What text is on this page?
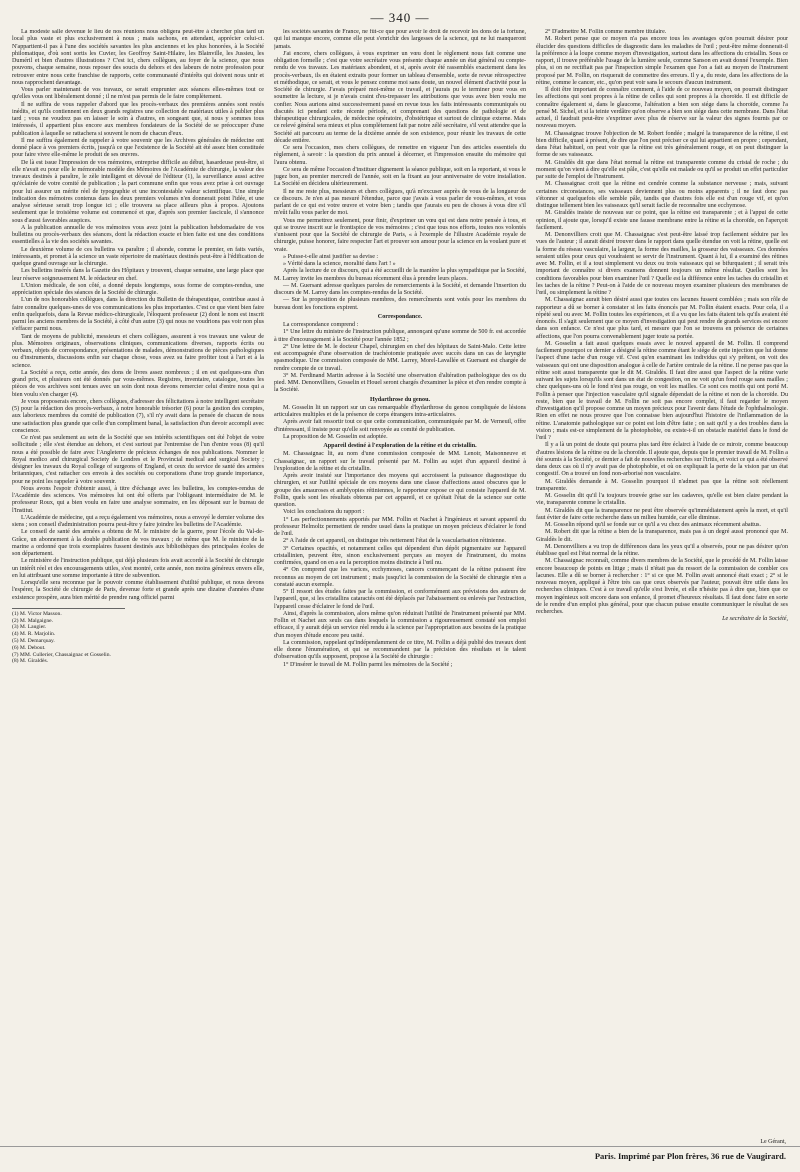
— 340 —

La modeste salle devenue le lieu de nos réunions nous obligera peut-être à chercher plus tard un local plus vaste et plus exclusivement à nous ; mais sachons, en attendant, apprécier celui-ci. N'appartient-il pas à l'une des sociétés savantes les plus anciennes et les plus honorées, à la Société philomatique, d'où sont sortis les Cuvier, les Geoffroy Saint-Hilaire, les Blainville, les Jussieu, les Duméril et bien d'autres illustrations ? C'est ici, chers collègues, au foyer de la science, que nous pouvons, chaque semaine, nous reposer des soucis du dehors et des labeurs de notre profession pour retrouver entre nous cette franchise de rapports, cette communauté d'intérêts qui doivent nous unir et nous rapprochent davantage.

Vous parler maintenant de vos travaux, ce serait emprunter aux séances elles-mêmes tout ce qu'elles vous ont libéralement donné ; il ne m'est pas permis de le faire complètement.

Il ne suffira de vous rappeler d'abord que les procès-verbaux des premières années sont restés inédits, et qu'ils contiennent en deux grands registres une collection de matériaux utiles à publier plus tard ; vous ne voudrez pas en laisser le soin à d'autres, en songeant que, si nous y sommes tous intéressés, il appartient plus encore aux membres fondateurs de la Société de se préoccuper d'une publication à laquelle se rattachera si souvent le nom de chacun d'eux.

Il me suffira également de rappeler à votre souvenir que les Archives générales de médecine ont donné place à vos premiers écrits, jusqu'à ce que l'existence de la Société ait été assez bien constituée pour faire vivre elle-même le produit de ses œuvres.

De là est issue l'impression de vos mémoires, entreprise difficile au début, hasardeuse peut-être, si elle n'avait eu pour elle le mémorable modèle des Mémoires de l'Académie de chirurgie, la valeur des travaux destinés à paraître, le zèle intelligent et dévoué de l'éditeur (1), la surveillance aussi active qu'éclairée de votre comité de publication ; la part commune enfin que vous avez prise à cet ouvrage pour lui assurer un mérite réel de typographie et une incontestable valeur scientifique. Une simple indication des mémoires contenus dans les deux premiers volumes n'en donnerait point l'idée, et une analyse sérieuse serait trop longue ici ; elle trouvera sa place ailleurs plus à propos. Ajoutons seulement que le troisième volume est commencé et que, d'après son premier fascicule, il s'annonce sous d'aussi favorables auspices.

A la publication annuelle de vos mémoires vous avez joint la publication hebdomadaire de vos bulletins ou procès-verbaux des séances, dont la rédaction exacte et bien faite est une des conditions essentielles à la vie des sociétés savantes.

Le deuxième volume de ces bulletins va paraître ; il abonde, comme le premier, en faits variés, intéressants, et promet à la science un vaste répertoire de matériaux destinés peut-être à l'édification de quelque grand ouvrage sur la chirurgie.

Les bulletins insérés dans la Gazette des Hôpitaux y trouvent, chaque semaine, une large place que leur réserve soigneusement M. le rédacteur en chef.

L'Union médicale, de son côté, a donné depuis longtemps, sous forme de comptes-rendus, une appréciation spéciale des séances de la Société de chirurgie.

L'un de nos honorables collègues, dans la direction du Bulletin de thérapeutique, contribue aussi à faire connaître quelques-unes de vos communications les plus importantes. C'est ce que vient bien faire enfin quelquefois, dans la Revue médico-chirurgicale, l'éloquent professeur (2) dont le nom est inscrit parmi les anciens membres de la Société, à côté d'un autre (3) qui nous ne voudrions pas voir non plus s'effacer parmi nous.

Tant de moyens de publicité, messieurs et chers collègues, assurent à vos travaux une valeur de plus. Mémoires originaux, observations cliniques, communications diverses, rapports écrits ou verbaux, objets de correspondance, présentations de malades, démonstrations de pièces pathologiques ou d'instruments, discussions enfin sur chaque chose, vous avez su faire profiter tout à l'art et à la science.

La Société a reçu, cette année, des dons de livres assez nombreux ; il en est quelques-uns d'un grand prix, et plusieurs ont été donnés par vous-mêmes. Registres, inventaire, catalogue, toutes les pièces de vos archives sont tenues avec un soin dont nous devons remercier celui d'entre nous qui a bien voulu s'en charger (4).

Je vous proposerais encore, chers collègues, d'adresser des félicitations à notre intelligent secrétaire (5) pour la rédaction des procès-verbaux, à notre honorable trésorier (6) pour la gestion des comptes, aux laborieux membres du comité de publication (7), s'il n'y avait dans la pensée de chacun de nous une satisfaction plus grande que celle d'un compliment banal, la satisfaction d'un devoir accompli avec conscience.

Ce n'est pas seulement au sein de la Société que ses intérêts scientifiques ont été l'objet de votre sollicitude ; elle s'est étendue au dehors, et c'est surtout par l'entremise de l'un d'entre vous (8) qu'il nous a été possible de faire avec l'Angleterre de précieux échanges de nos publications. Nommer le Royal medico and chirurgical Society de Londres et le Provincial medical and surgical Society ; désigner les travaux du Royal college of surgeons of England, et ceux du service de santé des armées britanniques, c'est rattacher ces envois à des sociétés ou corporations d'une trop grande importance, pour ne point les rappeler à votre souvenir.

Nous avons l'espoir d'obtenir aussi, à titre d'échange avec les bulletins, les comptes-rendus de l'Académie des sciences. Vos mémoires lui ont été offerts par l'obligeant intermédiaire de M. le professeur Roux, qui a bien voulu en faire une analyse sommaire, en les déposant sur le bureau de l'Institut.

L'Académie de médecine, qui a reçu également vos mémoires, nous a envoyé le dernier volume des siens ; son conseil d'administration pourra peut-être y faire joindre les bulletins de l'Académie.

Le conseil de santé des armées a obtenu de M. le ministre de la guerre, pour l'école du Val-de-Grâce, un abonnement à la double publication de vos travaux ; de même que M. le ministre de la marine a ordonné que trois exemplaires fussent destinés aux bibliothèques des principales écoles de son département.

Le ministère de l'instruction publique, qui déjà plusieurs fois avait accordé à la Société de chirurgie un intérêt réel et des encouragements utiles, s'est montré, cette année, non moins généreux envers elle, en lui attribuant une somme importante à titre de subvention.

Lorsqu'elle sera reconnue par le pouvoir comme établissement d'utilité publique, et nous devons l'espérer, la Société de chirurgie de Paris, devenue forte et grande après une dizaine d'années d'une existence prospère, aura bien mérité de prendre rang officiel parmi

(1) M. Victor Masson.
(2) M. Malgaigne.
(3) M. Laugier.
(4) M. R. Marjolin.
(5) M. Demarquay.
(6) M. Debout.
(7) MM. Cullerier, Chassaignac et Gosselin.
(8) M. Giraldès.

les sociétés savantes de France, ne fût-ce que pour avoir le droit de recevoir les dons de la fortune, qui lui manque encore, comme elle peut s'enrichir des largesses de la science, qui ne lui manqueront jamais.

J'ai encore, chers collègues, à vous exprimer un vœu dont le règlement nous fait comme une obligation formelle ; c'est que votre secrétaire vous présente chaque année un état général ou compte-rendu de vos travaux. Les matériaux abondent, et si, après avoir été rassemblés exactement dans les procès-verbaux, ils en étaient extraits pour former un tableau d'ensemble, sorte de revue rétrospective et méthodique, ce serait, et vous le pensez comme moi sans doute, un nouvel élément d'activité pour la Société de chirurgie. J'avais préparé moi-même ce travail, et j'aurais pu le terminer pour vous en soumettre la lecture, si je n'avais craint d'eu-trepasser les attributions que vous avez bien voulu me confier. Nous aurions ainsi successivement passé en revue tous les faits intéressants communiqués ou discutés ici pendant cette récente période, et comprenant des questions de pathologie et de thérapeutique chirurgicales, de médecine opératoire, d'obstétrique et surtout de clinique externe. Mais ce relevé général sera mieux et plus complètement fait par notre zélé secrétaire, s'il veut attendre que la Société ait parcouru au terme de la dixième année de son existence, pour réunir les travaux de cette décade entière.

Ce sera l'occasion, mes chers collègues, de remettre en vigueur l'un des articles essentiels du règlement, à savoir : la question du prix annuel à décerner, et l'impression ensuite du mémoire qui l'aura obtenu.

Ce sera de même l'occasion d'instituer dignement la séance publique, soit en la reportant, si vous le jugez bon, au premier mercredi de l'année, soit en la fixant au jour anniversaire de votre installation. La Société en décidera ultérieurement.

Il ne me reste plus, messieurs et chers collègues, qu'à m'excuser auprès de vous de la longueur de ce discours. Je n'en ai pas mesuré l'étendue, parce que j'avais à vous parler de vous-mêmes, et vous parlant de ce qui est votre œuvre et votre bien ; tandis que j'aurais eu peu de choses à vous dire s'il m'eût fallu vous parler de moi.

Vous me permettrez seulement, pour finir, d'exprimer un vœu qui est dans notre pensée à tous, et qui se trouve inscrit sur le frontispice de vos mémoires ; c'est que tous nos efforts, toutes nos volontés s'unissent pour que la Société de chirurgie de Paris, « à l'exemple de l'illustre Académie royale de chirurgie, puisse honorer, faire respecter l'art et prouver son amour pour la science en la voulant pure et vraie.

» Puisse-t-elle ainsi justifier sa devise :

» Vérité dans la science, moralité dans l'art ! »

Après la lecture de ce discours, qui a été accueilli de la manière la plus sympathique par la Société, M. Larrey invite les membres du bureau récemment élus à prendre leurs places.

— M. Guersant adresse quelques paroles de remerciements à la Société, et demande l'insertion du discours de M. Larrey dans les comptes-rendus de la Société.

— Sur la proposition de plusieurs membres, des remercîments sont votés pour les membres du bureau dont les fonctions expirent.

Correspondance.

La correspondance comprend :

1° Une lettre du ministre de l'instruction publique, annonçant qu'une somme de 500 fr. est accordée à titre d'encouragement à la Société pour l'année 1852 ;

2° Une lettre de M. le docteur Chapel, chirurgien en chef des hôpitaux de Saint-Malo. Cette lettre est accompagnée d'une observation de trachéotomie pratiquée avec succès dans un cas de laryngite spasmodique. Une commission composée de MM. Larrey, Morel-Lavallée et Guersant est chargée de rendre compte de ce travail.

3° M. Ferdinand Martin adresse à la Société une observation d'altération pathologique des os du pied. MM. Denonvilliers, Gosselin et Houel seront chargés d'examiner la pièce et d'en rendre compte à la Société.

Hydarthrose du genou.

M. Gosselin lit un rapport sur un cas remarquable d'hydarthrose du genou compliquée de lésions articulaires multiples et de la présence de corps étrangers intra-articulaires.

Après avoir fait ressortir tout ce que cette communication, communiquée par M. de Verneuil, offre d'intéressant, il insiste pour qu'elle soit renvoyée au comité de publication.

La proposition de M. Gosselin est adoptée.

Appareil destiné à l'exploration de la rétine et du cristallin.

M. Chassaignac lit, au nom d'une commission composée de MM. Lenoir, Maisonneuve et Chassaignac, un rapport sur le travail présenté par M. Follin au sujet d'un appareil destiné à l'exploration de la rétine et du cristallin.

Après avoir insisté sur l'importance des moyens qui accroissent la puissance diagnostique du chirurgien, et sur l'utilité spéciale de ces moyens dans une classe d'affections aussi obscures que le groupe des amauroses et amblyopies rétiniennes, le rapporteur expose ce qui consiste l'appareil de M. Follin, quels sont les résultats obtenus par cet appareil, et ce qu'était l'état de la science sur cette question.

Voici les conclusions du rapport :

1° Les perfectionnements apportés par MM. Follin et Nachet à l'ingénieux et savant appareil du professeur Helmoltz permettent de rendre usuel dans la pratique un moyen précieux d'éclairer le fond de l'œil.

2° A l'aide de cet appareil, on distingue très nettement l'état de la vascularisation rétinienne.

3° Certaines opacités, et notamment celles qui dépendent d'un dépôt pigmentaire sur l'appareil cristallinien, peuvent être, sinon exclusivement perçues au moyen de l'instrument, du moins confirmées, quand on en a eu la perception moins distincte à l'œil nu.

4° On comprend que les varices, ecchymoses, cancers commençant de la rétine puissent être reconnus au moyen de cet instrument ; mais jusqu'ici la commission de la Société de chirurgie n'en a constaté aucun exemple.

5° Il ressort des études faites par la commission, et conformément aux prévisions des auteurs de l'appareil, que, si les cristallins cataractés ont été déplacés par l'abaissement ou enlevés par l'extraction, l'appareil cesse d'éclairer le fond de l'œil.

Ainsi, d'après la commission, alors même qu'on réduirait l'utilité de l'instrument présenté par MM. Follin et Nachet aux seuls cas dans lesquels la commission a rigoureusement constaté son emploi efficace, il y aurait déjà un service réel rendu à la science par l'appropriation aux besoins de la pratique d'un moyen d'étude encore peu usité.

La commission, rappelant qu'indépendamment de ce titre, M. Follin a déjà publié des travaux dont elle donne l'énumération, et qui se recommandent par la précision des résultats et le talent d'observation qu'ils supposent, propose à la Société de chirurgie :

1° D'insérer le travail de M. Follin parmi les mémoires de la Société ;

2° D'admettre M. Follin comme membre titulaire.

M. Robert pense que ce moyen n'a pas encore tous les avantages qu'on pourrait désirer pour élucider des questions difficiles de diagnostic dans les maladies de l'œil ; peut-être même donnerait-il la préférence à la loupe comme moyen d'investigation, surtout dans les affections du cristallin. Sous ce rapport, il trouve préférable l'usage de la lumière seule, comme Sanson en avait donné l'exemple. Bien plus, si on ne rectifiait pas par l'inspection simple l'examen que l'on a fait au moyen de l'instrument proposé par M. Follin, on risquerait de commettre des erreurs. Il y a, du reste, dans les affections de la rétine, comme le cancer, etc., qu'on peut voir sans le secours d'aucun instrument.

Il doit être important de connaître comment, à l'aide de ce nouveau moyen, on pourrait distinguer les affections qui sont propres à la rétine de celles qui sont propres à la choroïde. Il est difficile de connaître également si, dans le glaucome, l'altération a bien son siége dans la choroïde, comme l'a pensé M. Sichel, et si la teinte verdâtre qu'on observe a bien son siége dans cette membrane. Dans l'état actuel, il faudrait peut-être s'exprimer avec plus de réserve sur la valeur des signes fournis par ce nouveau moyen.

M. Chassaignac trouve l'objection de M. Robert fondée ; malgré la transparence de la rétine, il est bien difficile, quant à présent, de dire que l'on peut préciser ce qui lui appartient en propre ; cependant, dans l'état habituel, on peut voir que la rétine est très généralement rouge, et on peut distinguer la forme de ses vaisseaux.

M. Giraldès dit que dans l'état normal la rétine est transparente comme du cristal de roche ; du moment qu'on vient à dire qu'elle est pâle, c'est qu'elle est malade ou qu'il se produit un effet particulier par suite de l'emploi de l'instrument.

M. Chassaignac croit que la rétine est cendrée comme la substance nerveuse ; mais, suivant certaines circonstances, ses vaisseaux deviennent plus ou moins apparents ; il ne faut donc pas s'étonner si quelquefois elle semble pâle, tandis que d'autres fois elle est d'un rouge vif, et qu'on distingue tellement bien les vaisseaux qu'il serait facile de reconnaître une ecchymose.

M. Giraldès insiste de nouveau sur ce point, que la rétine est transparente ; et à l'appui de cette opinion, il ajoute que, lorsqu'il existe une fausse membrane entre la rétine et la choroïde, on l'aperçoit facilement.

M. Denonvilliers croit que M. Chassaignac s'est peut-être laissé trop facilement séduire par les vues de l'auteur ; il aurait désiré trouver dans le rapport dans quelle étendue on voit la rétine, quelle est la forme du réseau vasculaire, la largeur, la forme des mailles, la grosseur des vaisseaux. Ces données seraient utiles pour ceux qui voudraient se servir de l'instrument. Quant à lui, il a examiné des rétines avec M. Follin, et il a tout simplement vu deux ou trois vaisseaux qui se bifurquaient ; il serait très important de connaître si divers examens donnent toujours un même résultat. Quelles sont les conditions favorables pour bien examiner l'œil ? Quelle est la différence entre les taches du cristallin et les taches de la rétine ? Peut-on à l'aide de ce nouveau moyen examiner plusieurs des membranes de l'œil, ou simplement la rétine ?

M. Chassaignac aurait bien désiré aussi que toutes ces lacunes fussent comblées ; mais son rôle de rapporteur a dû se borner à constater si les faits énoncés par M. Follin étaient exacts. Pour cela, il a répété seul ou avec M. Follin toutes les expériences, et il a vu que les faits étaient tels qu'ils avaient été énoncés. Il s'agit seulement que ce moyen d'investigation qui peut rendre de grands services est encore dans son enfance. Ce n'est que plus tard, et mesure que l'on se trouvera en présence de certaines affections, que l'on pourra convenablement juger toute sa portée.

M. Gosselin a fait aussi quelques essais avec le nouvel appareil de M. Follin. Il comprend facilement pourquoi ce dernier a désigné la rétine comme étant le siége de cette injection que lui donne l'aspect d'une tache d'un rouge vif. C'est qu'en examinant les individus qui s'y prêtent, on voit des vaisseaux qui ont une disposition analogue à celle de l'artère centrale de la rétine. Il ne pense pas que la rétine soit aussi transparente que le dit M. Giraldès. Il faut dire aussi que l'aspect de la rétine varie suivant les sujets lorsqu'ils sont dans un état de congestion, on ne voit qu'un fond rouge sans mailles ; chez quelques-uns où le fond n'est pas rouge, on voit les mailles. Ce sont ces motifs qui ont porté M. Follin à penser que l'injection vasculaire qu'il signale dépendait de la rétine et non de la choroïde. Du reste, bien que le travail de M. Follin ne soit pas encore complet, il faut regarder le moyen d'investigation qu'il propose comme un moyen précieux pour l'avenir dans l'étude de l'ophthalmologie. Rien en effet ne nous prouve que l'on connaisse bien aujourd'hui l'histoire de l'inflammation de la rétine. L'anatomie pathologique sur ce point est loin d'être faite ; on sait qu'il y a des troubles dans la vision ; mais est-ce simplement de la photophobie, ou existe-t-il un obstacle matériel dans le fond de l'œil ?

Il y a là un point de doute qui pourra plus tard être éclairci à l'aide de ce miroir, comme beaucoup d'autres lésions de la rétine ou de la choroïde. Il ajoute que, depuis que le premier travail de M. Follin a été soumis à la Société, ce dernier a fait de nouvelles recherches sur l'iritis, et voici ce qui a été observé dans deux cas où il n'y avait pas de photophobie, et où on expliquait la perte de la vision par un état congestif. On a trouvé un fond non-arborisé non vasculaire.

M. Giraldès demande à M. Gosselin pourquoi il n'admet pas que la rétine soit réellement transparente.

M. Gosselin dit qu'il l'a toujours trouvée grise sur les cadavres, qu'elle est bien claire pendant la vie, transparente comme le cristallin.

M. Giraldès dit que la transparence ne peut être observée qu'immédiatement après la mort, et qu'il faut éviter de faire cette recherche dans un milieu humide, car elle diminue.

M. Gosselin répond qu'il se fonde sur ce qu'il a vu chez des animaux récemment abattus.

M. Robert dit que la rétine a bien de la transparence, mais pas à un degré aussi prononcé que M. Giraldès le dit.

M. Denonvilliers a vu trop de différences dans les yeux qu'il a observés, pour ne pas désirer qu'on établisse quel est l'état normal de la rétine.

M. Chassaignac reconnaît, comme divers membres de la Société, que le procédé de M. Follin laisse encore beaucoup de points en litige ; mais il n'était pas du ressort de la commission de combler ces lacunes. Elle a dû se borner à rechercher : 1° si ce que M. Follin avait annoncé était exact ; 2° si le nouveau moyen, appliqué à l'être très cas que ceux observés par l'auteur, pouvait être utile dans les recherches cliniques. C'est à ce travail qu'elle s'est livrée, et elle n'hésite pas à dire que, bien que ce moyen ingénieux soit encore dans son enfance, il promet d'heureux résultats. Il faut donc faire en sorte de le rendre d'un emploi plus général, pour que chacun puisse ensuite communiquer le résultat de ses recherches.

Le secrétaire de la Société,

Le Gérant,
Paris. Imprimé par Plon frères, 36 rue de Vaugirard.
